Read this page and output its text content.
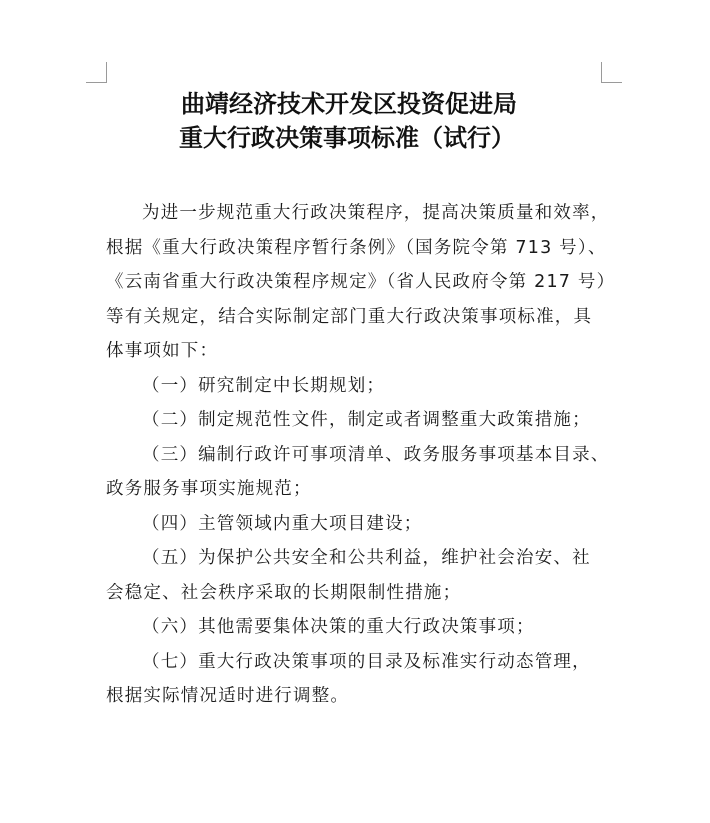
曲靖经济技术开发区投资促进局
重大行政决策事项标准（试行）
为进一步规范重大行政决策程序，提高决策质量和效率，
根据《重大行政决策程序暂行条例》（国务院令第 713 号）、
《云南省重大行政决策程序规定》（省人民政府令第 217 号）
等有关规定，结合实际制定部门重大行政决策事项标准，具
体事项如下：
（一）研究制定中长期规划；
（二）制定规范性文件，制定或者调整重大政策措施；
（三）编制行政许可事项清单、政务服务事项基本目录、
政务服务事项实施规范；
（四）主管领域内重大项目建设；
（五）为保护公共安全和公共利益，维护社会治安、社
会稳定、社会秩序采取的长期限制性措施；
（六）其他需要集体决策的重大行政决策事项；
（七）重大行政决策事项的目录及标准实行动态管理，
根据实际情况适时进行调整。
